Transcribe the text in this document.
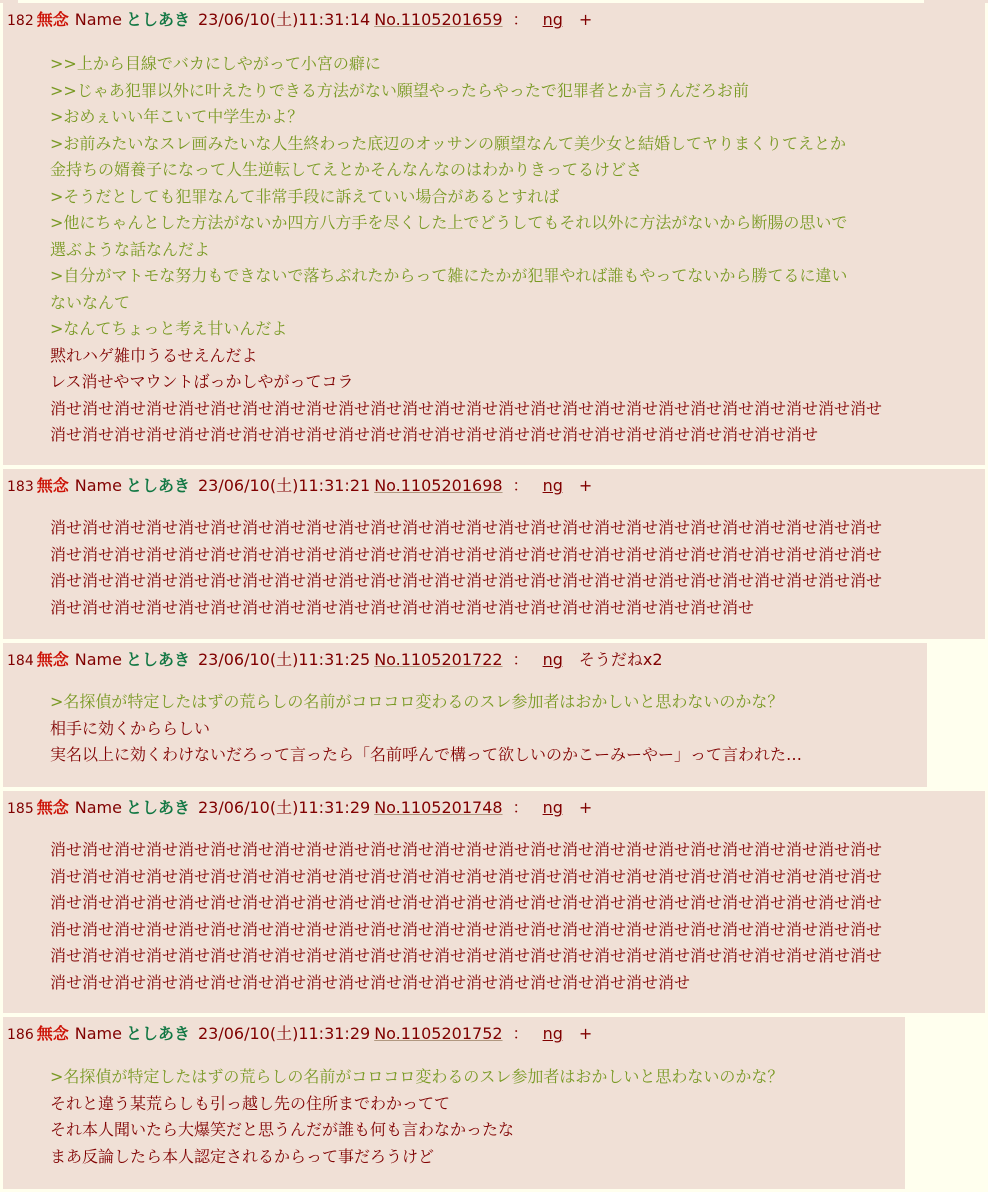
182 無念 Name としあき 23/06/10(土)11:31:14 No.1105201659 ： ng +
>>上から目線でバカにしやがって小宮の癖に
>>じゃあ犯罪以外に叶えたりできる方法がない願望やったらやったで犯罪者とか言うんだろお前
>おめぇいい年こいて中学生かよ？
>お前みたいなスレ画みたいな人生終わった底辺のオッサンの願望なんて美少女と結婚してヤりまくりてえとか
金持ちの婿養子になって人生逆転してえとかそんなんなのはわかりきってるけどさ
>そうだとしても犯罪なんて非常手段に訴えていい場合があるとすれば
>他にちゃんとした方法がないか四方八方手を尽くした上でどうしてもそれ以外に方法がないから断腸の思いで
選ぶような話なんだよ
>自分がマトモな努力もできないで落ちぶれたからって雑にたかが犯罪やれば誰もやってないから勝てるに違い
ないなんて
>なんてちょっと考え甘いんだよ
黙れハゲ雑巾うるせえんだよ
レス消せやマウントばっかしやがってコラ
消せ消せ消せ消せ消せ消せ消せ消せ消せ消せ消せ消せ消せ消せ消せ消せ消せ消せ消せ消せ消せ消せ消せ消せ消せ消せ
消せ消せ消せ消せ消せ消せ消せ消せ消せ消せ消せ消せ消せ消せ消せ消せ消せ消せ消せ消せ消せ消せ消せ消せ
183 無念 Name としあき 23/06/10(土)11:31:21 No.1105201698 ： ng +
消せ消せ消せ消せ消せ消せ消せ消せ消せ消せ消せ消せ消せ消せ消せ消せ消せ消せ消せ消せ消せ消せ消せ消せ消せ消せ
消せ消せ消せ消せ消せ消せ消せ消せ消せ消せ消せ消せ消せ消せ消せ消せ消せ消せ消せ消せ消せ消せ消せ消せ消せ消せ
消せ消せ消せ消せ消せ消せ消せ消せ消せ消せ消せ消せ消せ消せ消せ消せ消せ消せ消せ消せ消せ消せ消せ消せ消せ消せ
消せ消せ消せ消せ消せ消せ消せ消せ消せ消せ消せ消せ消せ消せ消せ消せ消せ消せ消せ消せ消せ消せ
184 無念 Name としあき 23/06/10(土)11:31:25 No.1105201722 ： ng そうだねx2
>名探偵が特定したはずの荒らしの名前がコロコロ変わるのスレ参加者はおかしいと思わないのかな？
相手に効くかららしい
実名以上に効くわけないだろって言ったら「名前呼んで構って欲しいのかこーみーやー」って言われた…
185 無念 Name としあき 23/06/10(土)11:31:29 No.1105201748 ： ng +
消せ消せ消せ消せ消せ消せ消せ消せ消せ消せ消せ消せ消せ消せ消せ消せ消せ消せ消せ消せ消せ消せ消せ消せ消せ消せ
消せ消せ消せ消せ消せ消せ消せ消せ消せ消せ消せ消せ消せ消せ消せ消せ消せ消せ消せ消せ消せ消せ消せ消せ消せ消せ
消せ消せ消せ消せ消せ消せ消せ消せ消せ消せ消せ消せ消せ消せ消せ消せ消せ消せ消せ消せ消せ消せ消せ消せ消せ消せ
消せ消せ消せ消せ消せ消せ消せ消せ消せ消せ消せ消せ消せ消せ消せ消せ消せ消せ消せ消せ消せ消せ消せ消せ消せ消せ
消せ消せ消せ消せ消せ消せ消せ消せ消せ消せ消せ消せ消せ消せ消せ消せ消せ消せ消せ消せ消せ消せ消せ消せ消せ消せ
消せ消せ消せ消せ消せ消せ消せ消せ消せ消せ消せ消せ消せ消せ消せ消せ消せ消せ消せ消せ
186 無念 Name としあき 23/06/10(土)11:31:29 No.1105201752 ： ng +
>名探偵が特定したはずの荒らしの名前がコロコロ変わるのスレ参加者はおかしいと思わないのかな？
それと違う某荒らしも引っ越し先の住所までわかってて
それ本人聞いたら大爆笑だと思うんだが誰も何も言わなかったな
まあ反論したら本人認定されるからって事だろうけど
